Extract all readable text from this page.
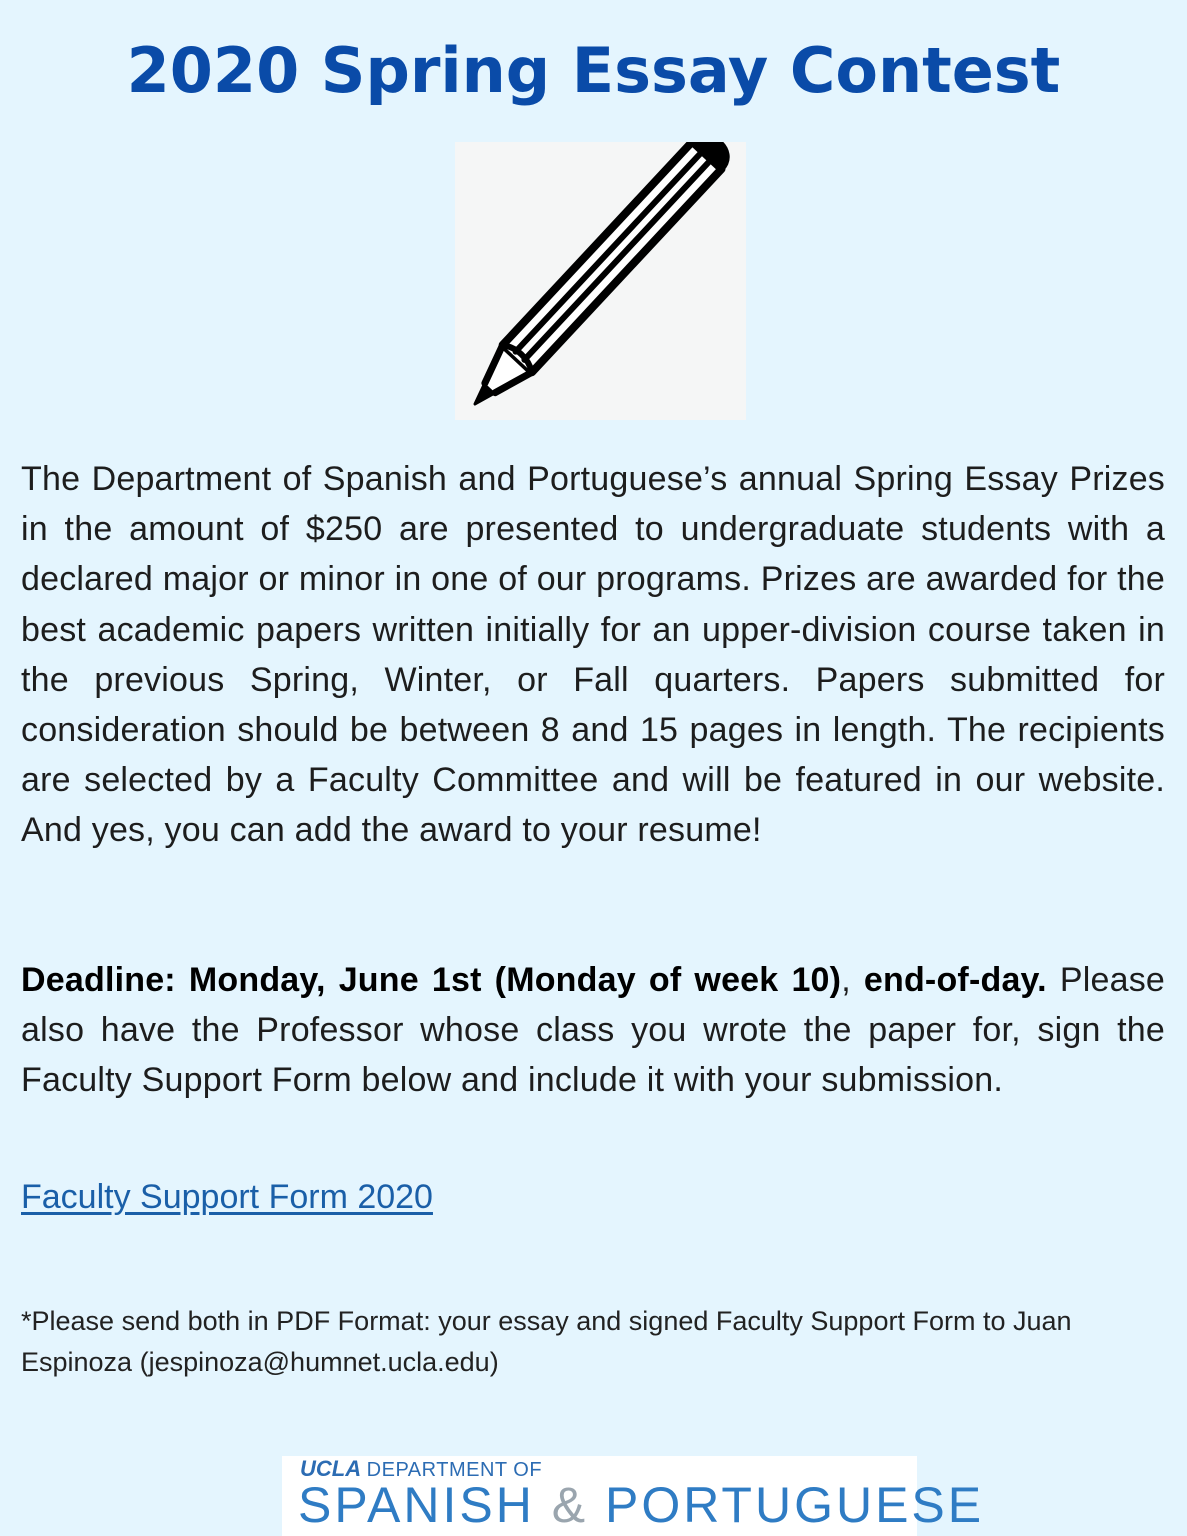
2020 Spring Essay Contest

The Department of Spanish and Portuguese’s annual Spring Essay Prizes in the amount of $250 are presented to undergraduate students with a declared major or minor in one of our programs. Prizes are awarded for the best academic papers written initially for an upper-division course taken in the previous Spring, Winter, or Fall quarters. Papers submitted for consideration should be between 8 and 15 pages in length. The recipients are selected by a Faculty Committee and will be featured in our website. And yes, you can add the award to your resume!

Deadline: Monday, June 1st (Monday of week 10), end-of-day. Please also have the Professor whose class you wrote the paper for, sign the Faculty Support Form below and include it with your submission.

Faculty Support Form 2020

*Please send both in PDF Format: your essay and signed Faculty Support Form to Juan Espinoza (jespinoza@humnet.ucla.edu)

UCLA DEPARTMENT OF
SPANISH & PORTUGUESE
